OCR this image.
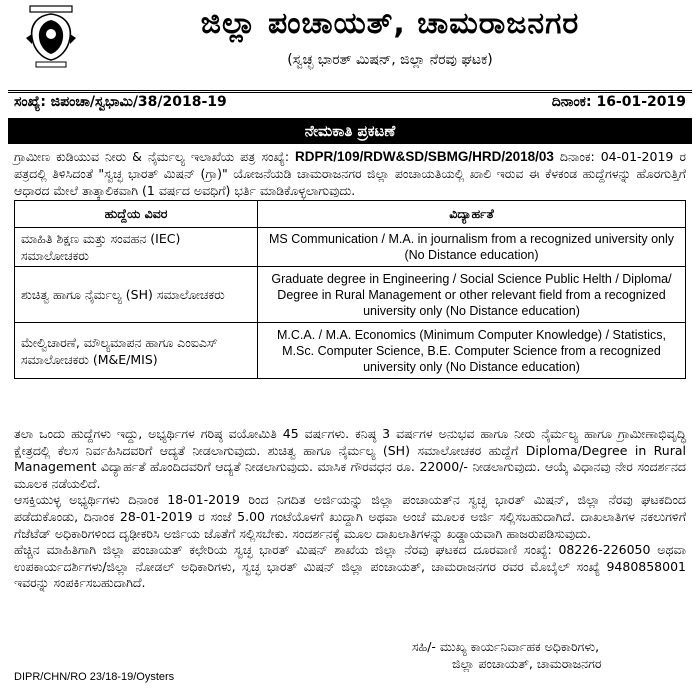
ಜಿಲ್ಲಾ ಪಂಚಾಯತ್, ಚಾಮರಾಜನಗರ
(ಸ್ವಚ್ಛ ಭಾರತ್ ಮಿಷನ್, ಜಿಲ್ಲಾ ನೆರವು ಘಟಕ)
ಸಂಖ್ಯೆ: ಜಿಪಂಚಾ/ಸ್ವಭಾಮಿ/38/2018-19	ದಿನಾಂಕ: 16-01-2019
ನೇಮಕಾತಿ ಪ್ರಕಟಣೆ
ಗ್ರಾಮೀಣ ಕುಡಿಯುವ ನೀರು & ನೈರ್ಮಲ್ಯ ಇಲಾಖೆಯ ಪತ್ರ ಸಂಖ್ಯೆ: RDPR/109/RDW&SD/SBMG/HRD/2018/03 ದಿನಾಂಕ: 04-01-2019 ರ ಪತ್ರದಲ್ಲಿ ತಿಳಿಸಿದಂತೆ "ಸ್ವಚ್ಛ ಭಾರತ್ ಮಿಷನ್ (ಗ್ರಾ)" ಯೋಜನೆಯಡಿ ಚಾಮರಾಜನಗರ ಜಿಲ್ಲಾ ಪಂಚಾಯತಿಯಲ್ಲಿ ಖಾಲಿ ಇರುವ ಈ ಕೆಳಕಂಡ ಹುದ್ದೆಗಳನ್ನು ಹೊರಗುತ್ತಿಗೆ ಆಧಾರದ ಮೇಲೆ ತಾತ್ಕಾಲಿಕವಾಗಿ (1 ವರ್ಷದ ಅವಧಿಗೆ) ಭರ್ತಿ ಮಾಡಿಕೊಳ್ಳಲಾಗುವುದು.
ಹುದ್ದೆಯ ವಿವರ	ವಿದ್ಯಾರ್ಹತೆ
ಮಾಹಿತಿ ಶಿಕ್ಷಣ ಮತ್ತು ಸಂವಹನ (IEC) ಸಮಾಲೋಚಕರು	MS Communication / M.A. in journalism from a recognized university only (No Distance education)
ಶುಚಿತ್ವ ಹಾಗೂ ನೈರ್ಮಲ್ಯ (SH) ಸಮಾಲೋಚಕರು	Graduate degree in Engineering / Social Science Public Helth / Diploma/ Degree in Rural Management or other relevant field from a recognized university only (No Distance education)
ಮೇಲ್ವಿಚಾರಣೆ, ಮೌಲ್ಯಮಾಪನ ಹಾಗೂ ಎಂಐಎಸ್ ಸಮಾಲೋಚಕರು (M&E/MIS)	M.C.A. / M.A. Economics (Minimum Computer Knowledge) / Statistics, M.Sc. Computer Science, B.E. Computer Science from a recognized university only (No Distance education)

ತಲಾ ಒಂದು ಹುದ್ದೆಗಳು ಇದ್ದು, ಅಭ್ಯರ್ಥಿಗಳ ಗರಿಷ್ಠ ವಯೋಮಿತಿ 45 ವರ್ಷಗಳು. ಕನಿಷ್ಠ 3 ವರ್ಷಗಳ ಅನುಭವ ಹಾಗೂ ನೀರು ನೈರ್ಮಲ್ಯ ಹಾಗೂ ಗ್ರಾಮೀಣಾಭಿವೃದ್ಧಿ ಕ್ಷೇತ್ರದಲ್ಲಿ ಕೆಲಸ ನಿರ್ವಹಿಸಿದವರಿಗೆ ಆದ್ಯತೆ ನೀಡಲಾಗುವುದು. ಶುಚಿತ್ವ ಹಾಗೂ ನೈರ್ಮಲ್ಯ (SH) ಸಮಾಲೋಚಕರ ಹುದ್ದೆಗೆ Diploma/Degree in Rural Management ವಿದ್ಯಾರ್ಹತೆ ಹೊಂದಿದವರಿಗೆ ಆದ್ಯತೆ ನೀಡಲಾಗುವುದು. ಮಾಸಿಕ ಗೌರವಧನ ರೂ. 22000/- ನೀಡಲಾಗುವುದು. ಆಯ್ಕೆ ವಿಧಾನವು ನೇರ ಸಂದರ್ಶನದ ಮೂಲಕ ನಡೆಯಲಿದೆ.

ಆಸಕ್ತಿಯುಳ್ಳ ಅಭ್ಯರ್ಥಿಗಳು ದಿನಾಂಕ 18-01-2019 ರಿಂದ ನಿಗದಿತ ಅರ್ಜಿಯನ್ನು ಜಿಲ್ಲಾ ಪಂಚಾಯತ್‌ನ ಸ್ವಚ್ಛ ಭಾರತ್ ಮಿಷನ್, ಜಿಲ್ಲಾ ನೆರವು ಘಟಕದಿಂದ ಪಡೆದುಕೊಂಡು, ದಿನಾಂಕ 28-01-2019 ರ ಸಂಜೆ 5.00 ಗಂಟೆಯೊಳಗೆ ಖುದ್ದಾಗಿ ಅಥವಾ ಅಂಚೆ ಮೂಲಕ ಅರ್ಜಿ ಸಲ್ಲಿಸಬಹುದಾಗಿದೆ. ದಾಖಲಾತಿಗಳ ನಕಲುಗಳಿಗೆ ಗೆಜೆಟೆಡ್ ಅಧಿಕಾರಿಗಳಿಂದ ದೃಢೀಕರಿಸಿ ಅರ್ಜಿಯ ಜೊತೆಗೆ ಸಲ್ಲಿಸಬೇಕು. ಸಂದರ್ಶನಕ್ಕೆ ಮೂಲ ದಾಖಲಾತಿಗಳನ್ನು ಖಡ್ಡಾಯವಾಗಿ ಹಾಜರುಪಡಿಸುವುದು.

ಹೆಚ್ಚಿನ ಮಾಹಿತಿಗಾಗಿ ಜಿಲ್ಲಾ ಪಂಚಾಯತ್ ಕಛೇರಿಯ ಸ್ವಚ್ಛ ಭಾರತ್ ಮಿಷನ್ ಶಾಖೆಯ ಜಿಲ್ಲಾ ನೆರವು ಘಟಕದ ದೂರವಾಣಿ ಸಂಖ್ಯೆ: 08226-226050 ಅಥವಾ ಉಪಕಾರ್ಯದರ್ಶಿಗಳು/ಜಿಲ್ಲಾ ನೋಡಲ್ ಅಧಿಕಾರಿಗಳು, ಸ್ವಚ್ಛ ಭಾರತ್ ಮಿಷನ್ ಜಿಲ್ಲಾ ಪಂಚಾಯತ್, ಚಾಮರಾಜನಗರ ರವರ ಮೊಬೈಲ್ ಸಂಖ್ಯೆ 9480858001 ಇವರನ್ನು ಸಂಪರ್ಕಿಸಬಹುದಾಗಿದೆ.

ಸಹಿ/- ಮುಖ್ಯ ಕಾರ್ಯನಿರ್ವಾಹಕ ಅಧಿಕಾರಿಗಳು,
ಜಿಲ್ಲಾ ಪಂಚಾಯತ್, ಚಾಮರಾಜನಗರ
DIPR/CHN/RO 23/18-19/Oysters
